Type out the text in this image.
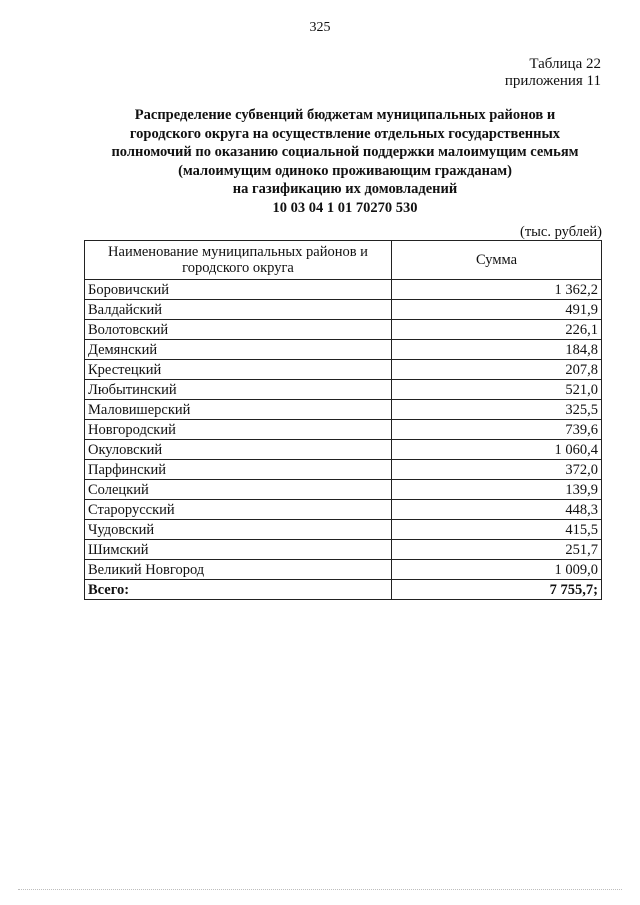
325
Таблица 22
приложения 11
Распределение субвенций бюджетам муниципальных районов и
городского округа на осуществление отдельных государственных
полномочий по оказанию социальной поддержки малоимущим семьям
(малоимущим одиноко проживающим гражданам)
на газификацию их домовладений
10 03 04 1 01 70270 530
(тыс. рублей)
Наименование муниципальных районов и городского округа	Сумма
Боровичский	1 362,2
Валдайский	491,9
Волотовский	226,1
Демянский	184,8
Крестецкий	207,8
Любытинский	521,0
Маловишерский	325,5
Новгородский	739,6
Окуловский	1 060,4
Парфинский	372,0
Солецкий	139,9
Старорусский	448,3
Чудовский	415,5
Шимский	251,7
Великий Новгород	1 009,0
Всего:	7 755,7;
